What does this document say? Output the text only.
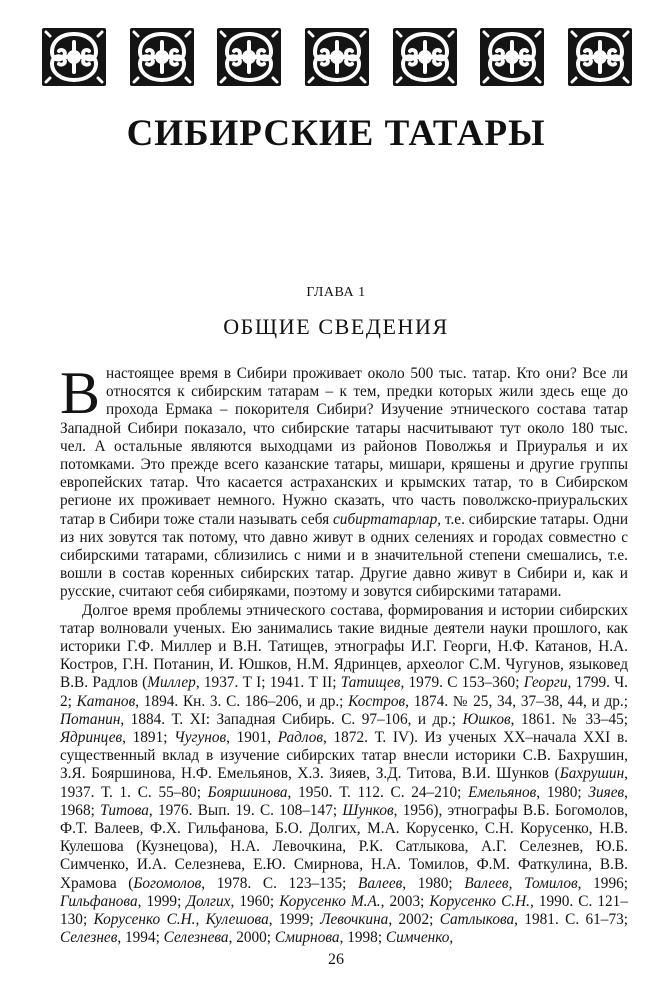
СИБИРСКИЕ ТАТАРЫ
ГЛАВА 1
ОБЩИЕ СВЕДЕНИЯ

В настоящее время в Сибири проживает около 500 тыс. татар. Кто они? Все ли относятся к сибирским татарам – к тем, предки которых жили здесь еще до прохода Ермака – покорителя Сибири? Изучение этнического состава татар Западной Сибири показало, что сибирские татары насчитывают тут около 180 тыс. чел. А остальные являются выходцами из районов Поволжья и Приуралья и их потомками. Это прежде всего казанские татары, мишари, кряшены и другие группы европейских татар. Что касается астраханских и крымских татар, то в Сибирском регионе их проживает немного. Нужно сказать, что часть поволжско-приуральских татар в Сибири тоже стали называть себя сибиртатарлар, т.е. сибирские татары. Одни из них зовутся так потому, что давно живут в одних селениях и городах совместно с сибирскими татарами, сблизились с ними и в значительной степени смешались, т.е. вошли в состав коренных сибирских татар. Другие давно живут в Сибири и, как и русские, считают себя сибиряками, поэтому и зовутся сибирскими татарами.

Долгое время проблемы этнического состава, формирования и истории сибирских татар волновали ученых. Ею занимались такие видные деятели науки прошлого, как историки Г.Ф. Миллер и В.Н. Татищев, этнографы И.Г. Георги, Н.Ф. Катанов, Н.А. Костров, Г.Н. Потанин, И. Юшков, Н.М. Ядринцев, археолог С.М. Чугунов, языковед В.В. Радлов (Миллер, 1937. Т I; 1941. Т II; Татищев, 1979. С 153–360; Георги, 1799. Ч. 2; Катанов, 1894. Кн. 3. С. 186–206, и др.; Костров, 1874. № 25, 34, 37–38, 44, и др.; Потанин, 1884. Т. XI: Западная Сибирь. С. 97–106, и др.; Юшков, 1861. № 33–45; Ядринцев, 1891; Чугунов, 1901, Радлов, 1872. Т. IV). Из ученых XX–начала XXI в. существенный вклад в изучение сибирских татар внесли историки С.В. Бахрушин, З.Я. Бояршинова, Н.Ф. Емельянов, Х.З. Зияев, З.Д. Титова, В.И. Шунков (Бахрушин, 1937. Т. 1. С. 55–80; Бояршинова, 1950. Т. 112. С. 24–210; Емельянов, 1980; Зияев, 1968; Титова, 1976. Вып. 19. С. 108–147; Шунков, 1956), этнографы В.Б. Богомолов, Ф.Т. Валеев, Ф.Х. Гильфанова, Б.О. Долгих, М.А. Корусенко, С.Н. Корусенко, Н.В. Кулешова (Кузнецова), Н.А. Левочкина, Р.К. Сатлыкова, А.Г. Селезнев, Ю.Б. Симченко, И.А. Селезнева, Е.Ю. Смирнова, Н.А. Томилов, Ф.М. Фаткулина, В.В. Храмова (Богомолов, 1978. С. 123–135; Валеев, 1980; Валеев, Томилов, 1996; Гильфанова, 1999; Долгих, 1960; Корусенко М.А., 2003; Корусенко С.Н., 1990. С. 121–130; Корусенко С.Н., Кулешова, 1999; Левочкина, 2002; Сатлыкова, 1981. С. 61–73; Селезнев, 1994; Селезнева, 2000; Смирнова, 1998; Симченко,

26
